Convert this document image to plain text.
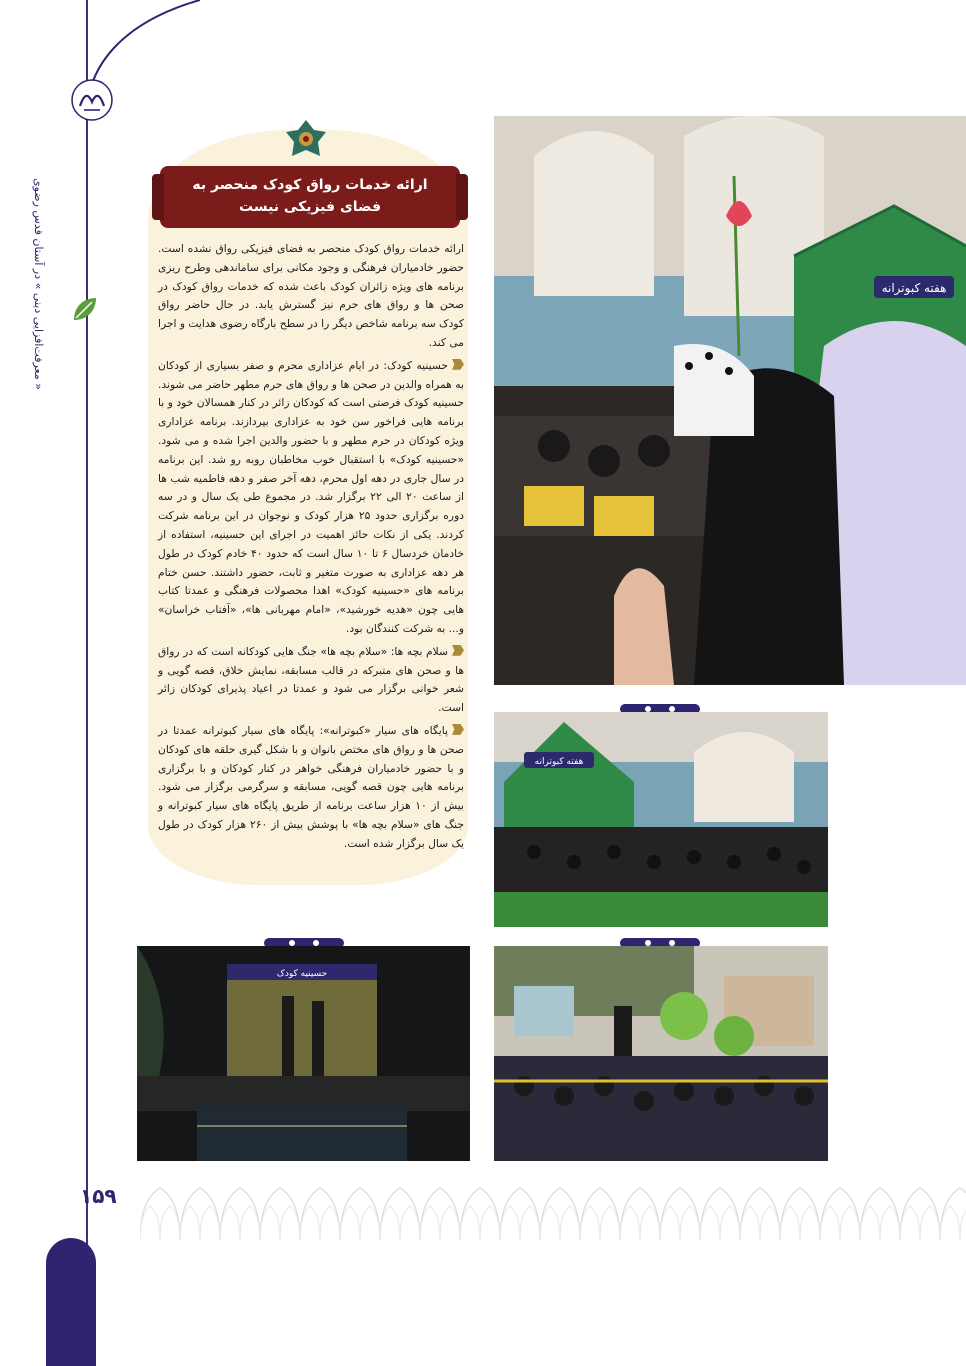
« معرفت‌افزایی دینی » در آستان قدس رضوی
۱۵۹
ارائه خدمات رواق کودک منحصر به فضای فیزیکی نیست

ارائه خدمات رواق کودک منحصر به فضای فیزیکی رواق نشده است. حضور خادمیاران فرهنگی و وجود مکانی برای ساماندهی وطرح ریزی برنامه های ویژه زائران کودک باعث شده که خدمات رواق کودک در صحن ها و رواق های حرم نیز گسترش یابد. در حال حاضر رواق کودک سه برنامه شاخص دیگر را در سطح بارگاه رضوی هدایت و اجرا می کند.

حسینیه کودک: در ایام عزاداری محرم و صفر بسیاری از کودکان به همراه والدین در صحن ها و رواق های حرم مطهر حاضر می شوند. حسینیه کودک فرصتی است که کودکان زائر در کنار همسالان خود و با برنامه هایی فراخور سن خود به عزاداری بپردازند. برنامه عزاداری ویژه کودکان در حرم مطهر و با حضور والدین اجرا شده و می شود. «حسینیه کودک» با استقبال خوب مخاطبان روبه رو شد. این برنامه در سال جاری در دهه اول محرم، دهه آخر صفر و دهه فاطمیه شب ها از ساعت ۲۰ الی ۲۲ برگزار شد. در مجموع طی یک سال و در سه دوره برگزاری حدود ۲۵ هزار کودک و نوجوان در این برنامه شرکت کردند. یکی از نکات حائز اهمیت در اجرای این حسینیه، استفاده از خادمان خردسال ۶ تا ۱۰ سال است که حدود ۴۰ خادم کودک در طول هر دهه عزاداری به صورت متغیر و ثابت، حضور داشتند. حسن ختام برنامه های «حسینیه کودک» اهدا محصولات فرهنگی و عمدتا کتاب هایی چون «هدیه خورشید»، «امام مهربانی ها»، «آفتاب خراسان» و... به شرکت کنندگان بود.

سلام بچه ها: «سلام بچه ها» جنگ هایی کودکانه است که در رواق ها و صحن های متبرکه در قالب مسابقه، نمایش خلاق، قصه گویی و شعر خوانی برگزار می شود و عمدتا در اعیاد پذیرای کودکان زائر است.

پایگاه های سیار «کبوترانه»: پایگاه های سیار کبوترانه عمدتا در صحن ها و رواق های مختص بانوان و با شکل گیری حلقه های کودکان و با حضور خادمیاران فرهنگی خواهر در کنار کودکان و با برگزاری برنامه هایی چون قصه گویی، مسابقه و سرگرمی برگزار می شود. بیش از ۱۰ هزار ساعت برنامه از طریق پایگاه های سیار کبوترانه و جنگ های «سلام بچه ها» با پوشش بیش از ۲۶۰ هزار کودک در طول یک سال برگزار شده است.

هفته کبوترانه
هفته کبوترانه
حسینیه کودک
